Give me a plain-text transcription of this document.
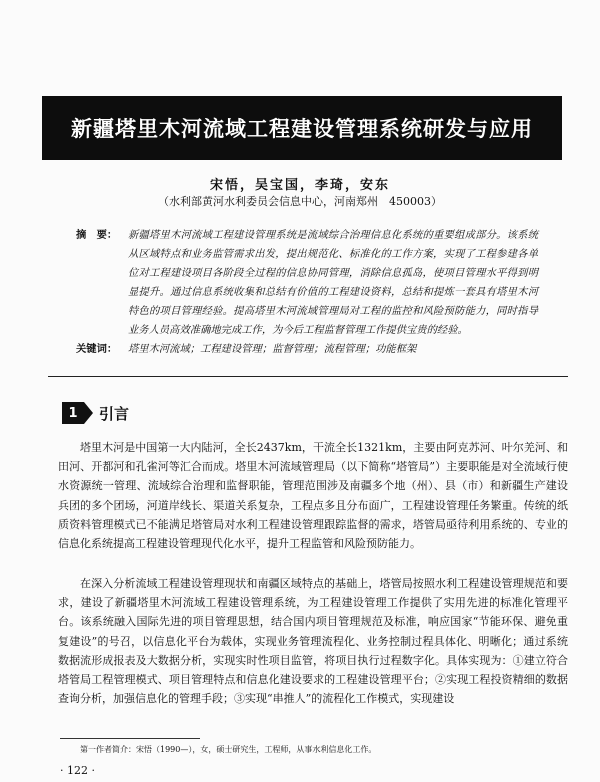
新疆塔里木河流域工程建设管理系统研发与应用
宋悟，吴宝国，李琦，安东
（水利部黄河水利委员会信息中心，河南郑州　450003）
摘　要：	新疆塔里木河流域工程建设管理系统是流域综合治理信息化系统的重要组成部分。该系统从区域特点和业务监管需求出发，提出规范化、标准化的工作方案，实现了工程参建各单位对工程建设项目各阶段全过程的信息协同管理，消除信息孤岛，使项目管理水平得到明显提升。通过信息系统收集和总结有价值的工程建设资料，总结和提炼一套具有塔里木河特色的项目管理经验。提高塔里木河流域管理局对工程的监控和风险预防能力，同时指导业务人员高效准确地完成工作，为今后工程监督管理工作提供宝贵的经验。
关键词：	塔里木河流域；工程建设管理；监督管理；流程管理；功能框架
1	引言
塔里木河是中国第一大内陆河，全长2437km，干流全长1321km，主要由阿克苏河、叶尔羌河、和田河、开都河和孔雀河等汇合而成。塔里木河流域管理局（以下简称“塔管局”）主要职能是对全流域行使水资源统一管理、流域综合治理和监督职能，管理范围涉及南疆多个地（州）、县（市）和新疆生产建设兵团的多个团场，河道岸线长、渠道关系复杂，工程点多且分布面广，工程建设管理任务繁重。传统的纸质资料管理模式已不能满足塔管局对水利工程建设管理跟踪监督的需求，塔管局亟待利用系统的、专业的信息化系统提高工程建设管理现代化水平，提升工程监管和风险预防能力。
在深入分析流域工程建设管理现状和南疆区域特点的基础上，塔管局按照水利工程建设管理规范和要求，建设了新疆塔里木河流域工程建设管理系统，为工程建设管理工作提供了实用先进的标准化管理平台。该系统融入国际先进的项目管理思想，结合国内项目管理规范及标准，响应国家“节能环保、避免重复建设”的号召，以信息化平台为载体，实现业务管理流程化、业务控制过程具体化、明晰化；通过系统数据流形成报表及大数据分析，实现实时性项目监管，将项目执行过程数字化。具体实现为：①建立符合塔管局工程管理模式、项目管理特点和信息化建设要求的工程建设管理平台；②实现工程投资精细的数据查询分析，加强信息化的管理手段；③实现“串推人”的流程化工作模式，实现建设
第一作者简介：宋悟（1990—），女，硕士研究生，工程师，从事水利信息化工作。
· 122 ·
